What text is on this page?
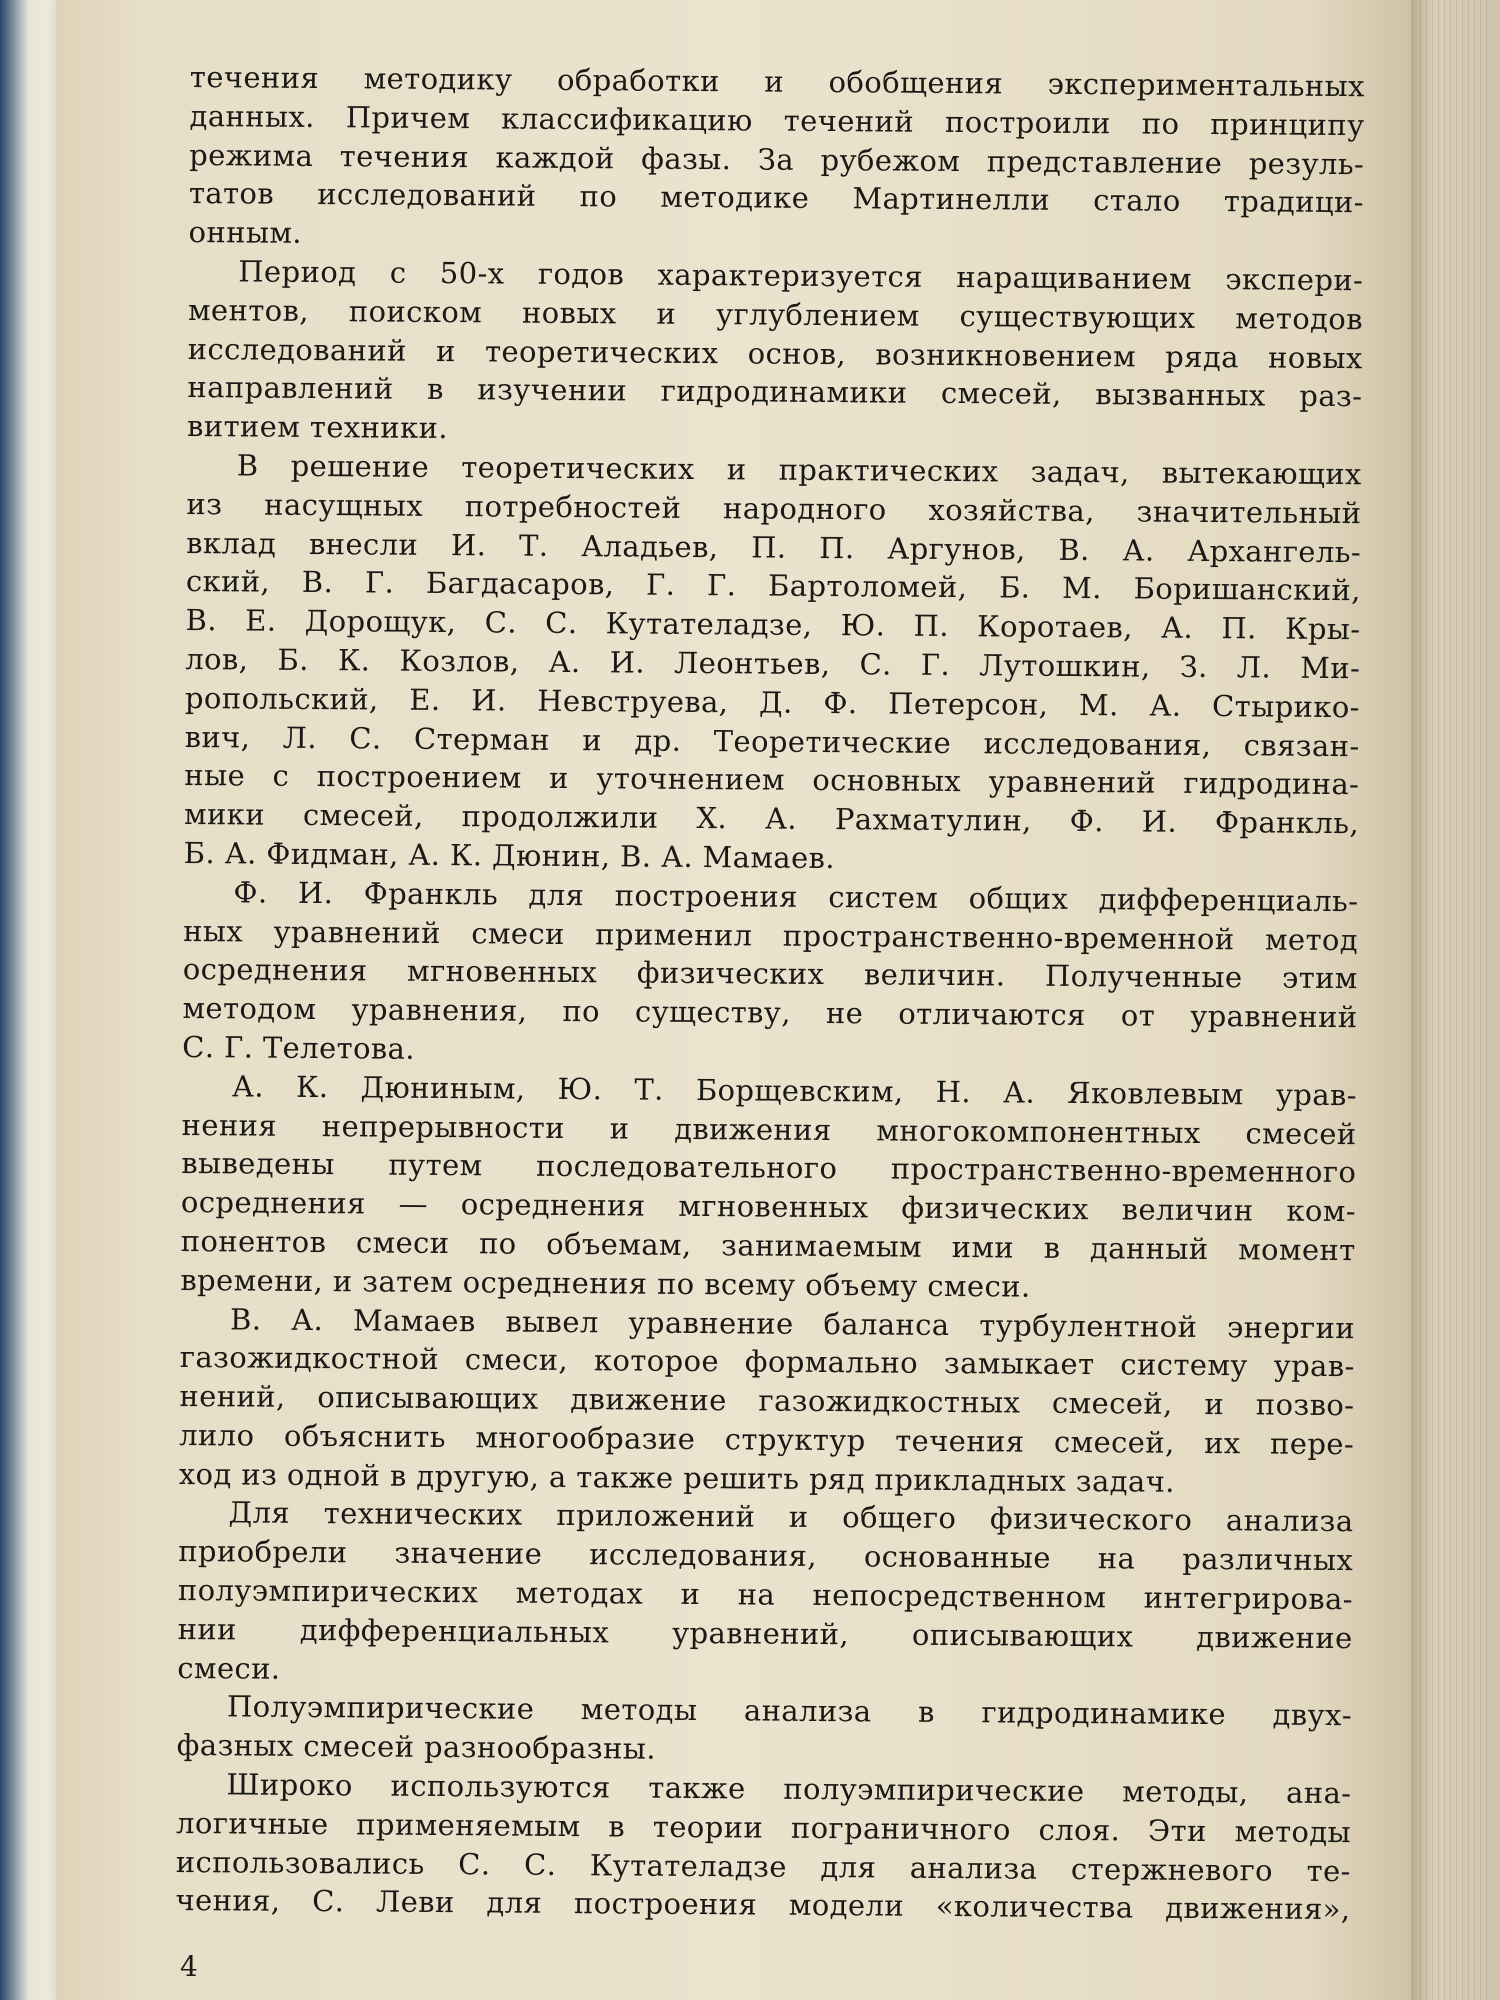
течения методику обработки и обобщения экспериментальных
данных. Причем классификацию течений построили по принципу
режима течения каждой фазы. За рубежом представление резуль-
татов исследований по методике Мартинелли стало традици-
онным.
Период с 50-х годов характеризуется наращиванием экспери-
ментов, поиском новых и углублением существующих методов
исследований и теоретических основ, возникновением ряда новых
направлений в изучении гидродинамики смесей, вызванных раз-
витием техники.
В решение теоретических и практических задач, вытекающих
из насущных потребностей народного хозяйства, значительный
вклад внесли И. Т. Аладьев, П. П. Аргунов, В. А. Архангель-
ский, В. Г. Багдасаров, Г. Г. Бартоломей, Б. М. Боришанский,
В. Е. Дорощук, С. С. Кутателадзе, Ю. П. Коротаев, А. П. Кры-
лов, Б. К. Козлов, А. И. Леонтьев, С. Г. Лутошкин, З. Л. Ми-
ропольский, Е. И. Невструева, Д. Ф. Петерсон, М. А. Стырико-
вич, Л. С. Стерман и др. Теоретические исследования, связан-
ные с построением и уточнением основных уравнений гидродина-
мики смесей, продолжили Х. А. Рахматулин, Ф. И. Франкль,
Б. А. Фидман, А. К. Дюнин, В. А. Мамаев.
Ф. И. Франкль для построения систем общих дифференциаль-
ных уравнений смеси применил пространственно-временной метод
осреднения мгновенных физических величин. Полученные этим
методом уравнения, по существу, не отличаются от уравнений
С. Г. Телетова.
А. К. Дюниным, Ю. Т. Борщевским, Н. А. Яковлевым урав-
нения непрерывности и движения многокомпонентных смесей
выведены путем последовательного пространственно-временного
осреднения — осреднения мгновенных физических величин ком-
понентов смеси по объемам, занимаемым ими в данный момент
времени, и затем осреднения по всему объему смеси.
В. А. Мамаев вывел уравнение баланса турбулентной энергии
газожидкостной смеси, которое формально замыкает систему урав-
нений, описывающих движение газожидкостных смесей, и позво-
лило объяснить многообразие структур течения смесей, их пере-
ход из одной в другую, а также решить ряд прикладных задач.
Для технических приложений и общего физического анализа
приобрели значение исследования, основанные на различных
полуэмпирических методах и на непосредственном интегрирова-
нии дифференциальных уравнений, описывающих движение
смеси.
Полуэмпирические методы анализа в гидродинамике двух-
фазных смесей разнообразны.
Широко используются также полуэмпирические методы, ана-
логичные применяемым в теории пограничного слоя. Эти методы
использовались С. С. Кутателадзе для анализа стержневого те-
чения, С. Леви для построения модели «количества движения»,
4
